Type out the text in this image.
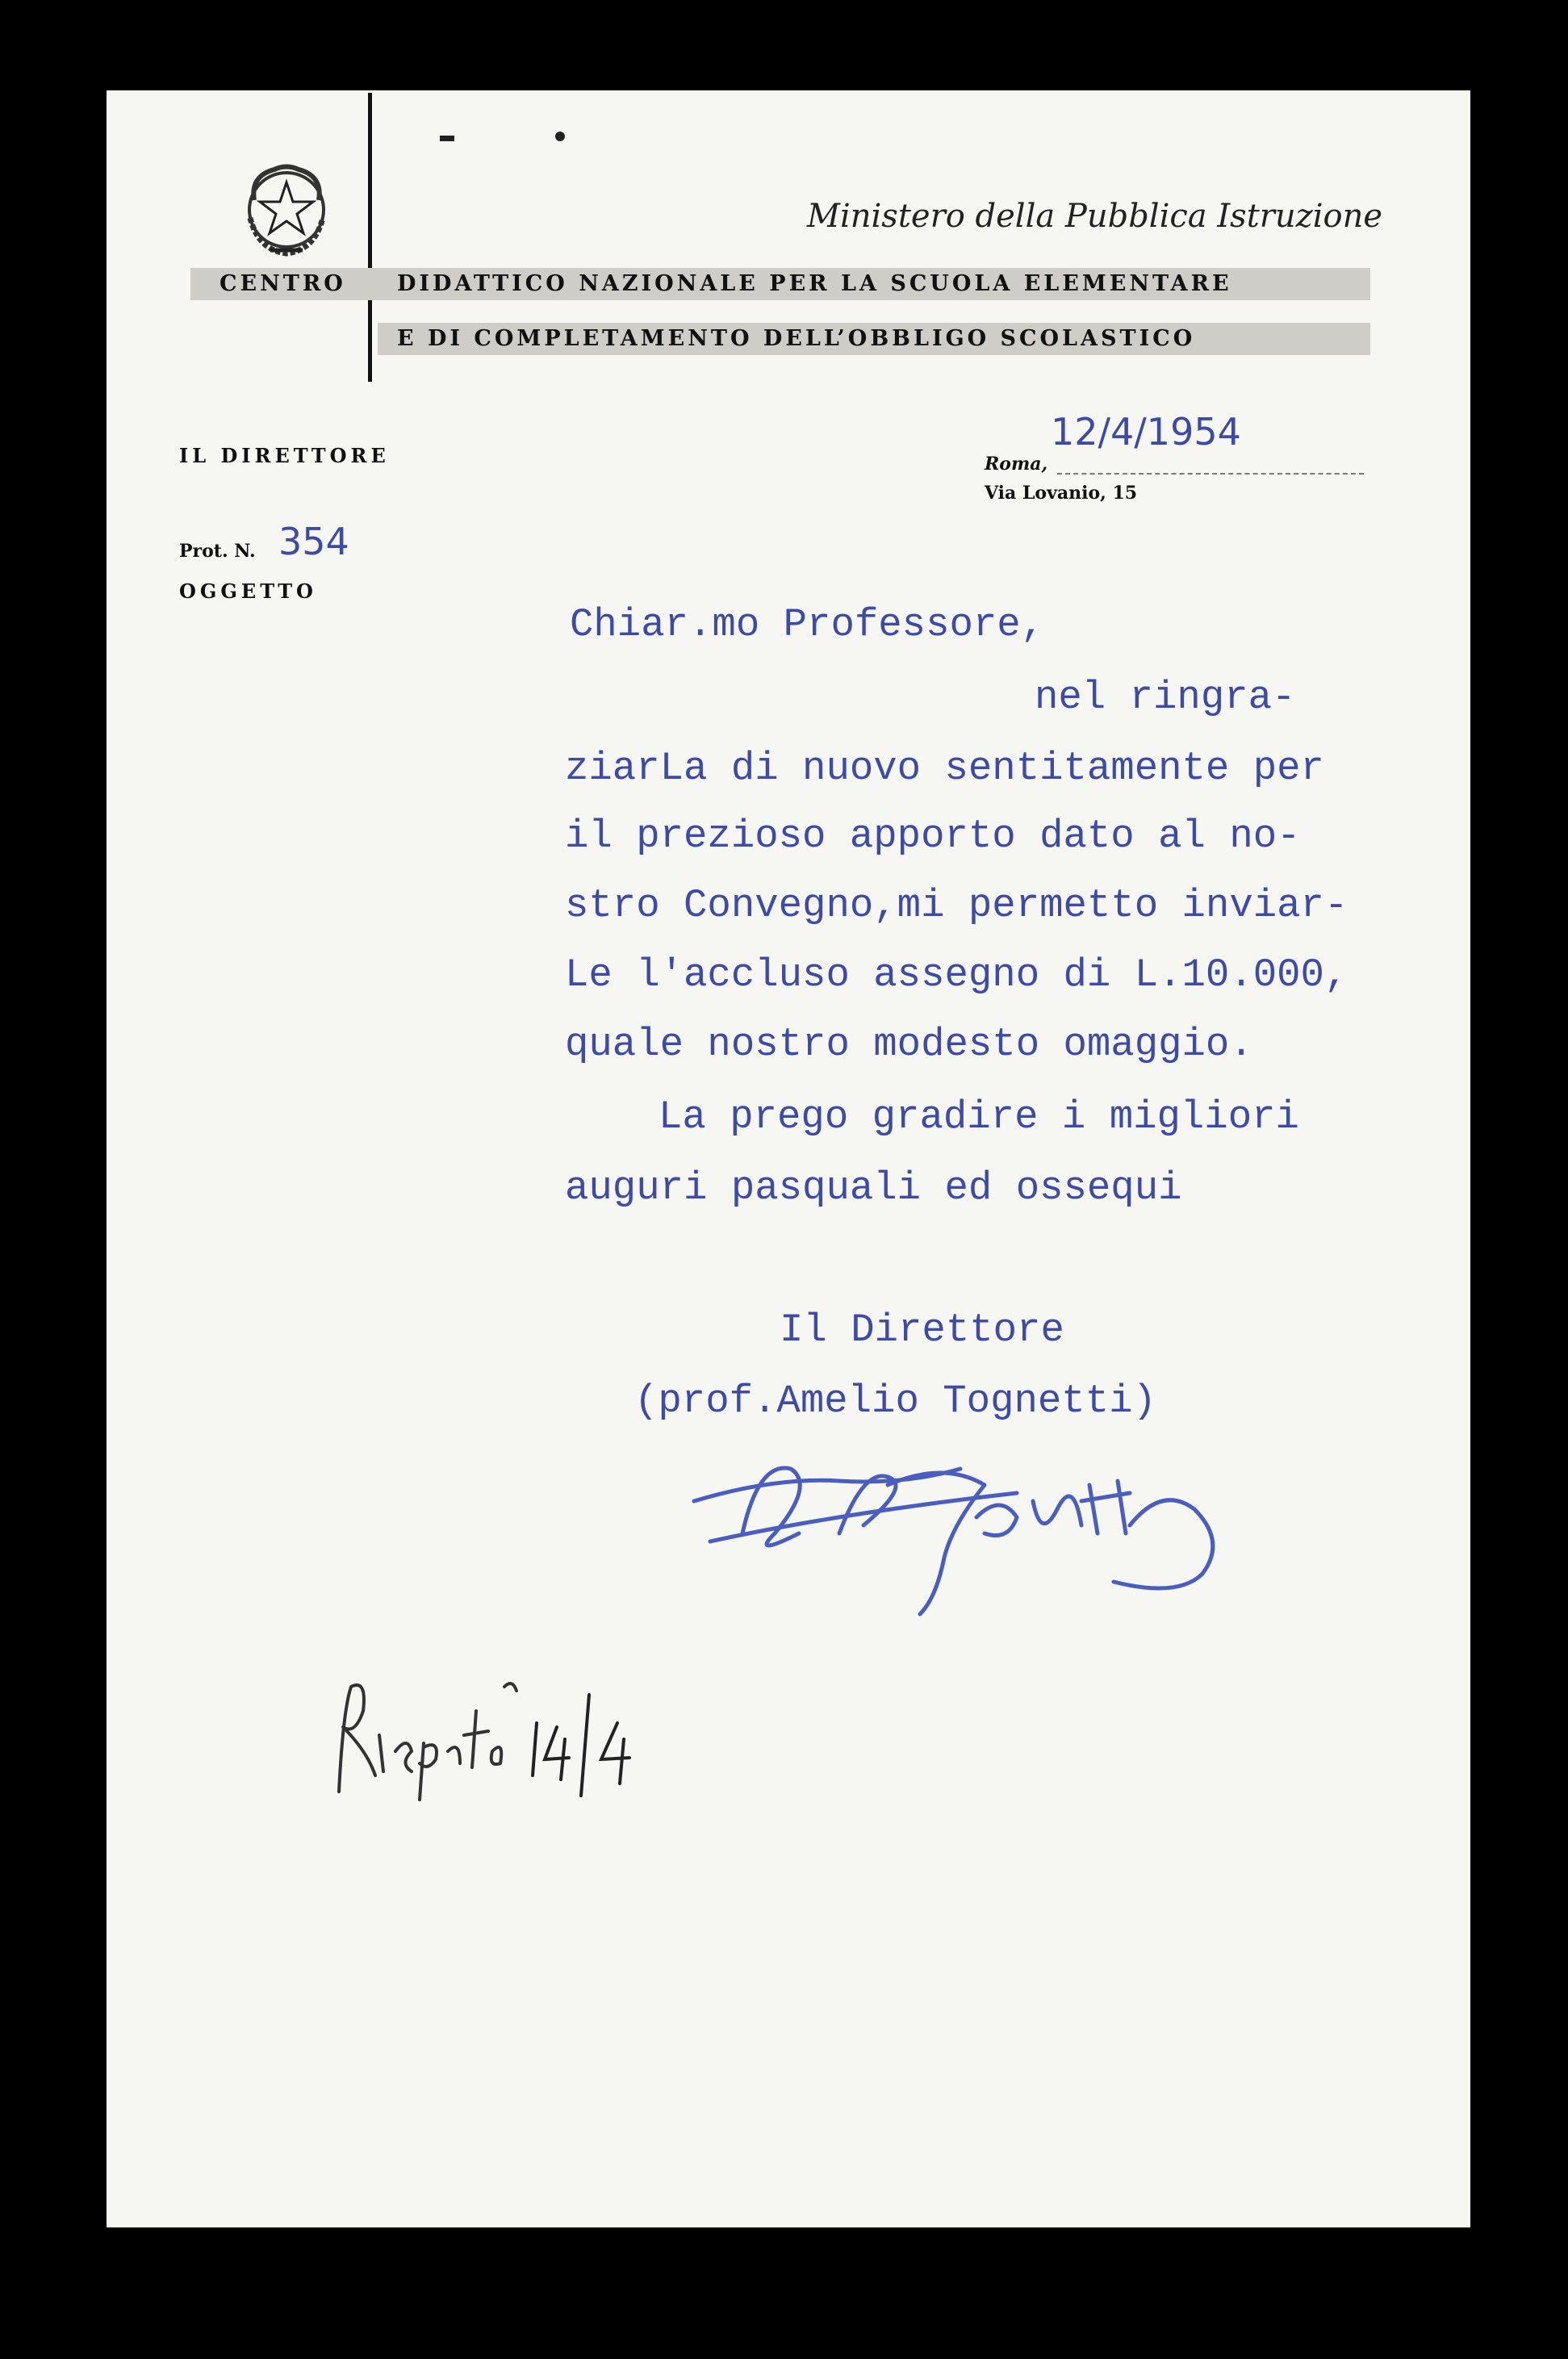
Ministero della Pubblica Istruzione
CENTRO DIDATTICO NAZIONALE PER LA SCUOLA ELEMENTARE
E DI COMPLETAMENTO DELL’OBBLIGO SCOLASTICO
IL DIRETTORE
Prot. N. 354
OGGETTO
Roma,
12/4/1954
Via Lovanio, 15
Chiar.mo Professore,
nel ringra-
ziarLa di nuovo sentitamente per
il prezioso apporto dato al no-
stro Convegno,mi permetto inviar-
Le l'accluso assegno di L.10.000,
quale nostro modesto omaggio.
La prego gradire i migliori
auguri pasquali ed ossequi
Il Direttore
(prof.Amelio Tognetti)
